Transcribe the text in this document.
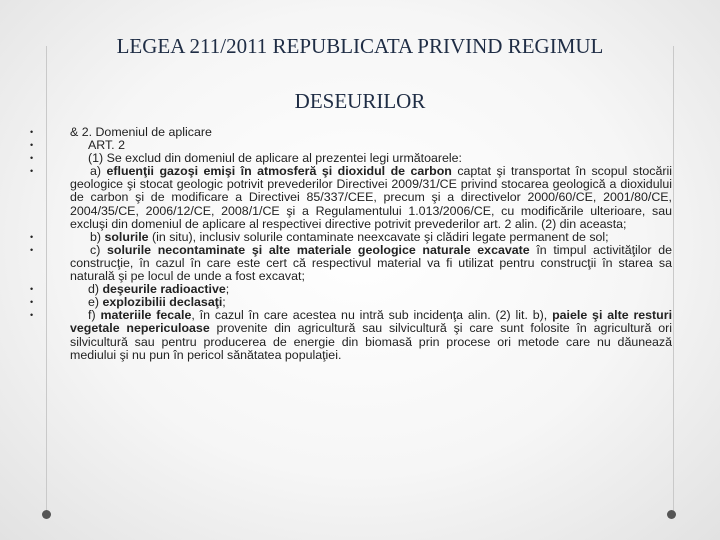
LEGEA 211/2011 REPUBLICATA PRIVIND REGIMUL
DESEURILOR
•	& 2. Domeniul de aplicare
•	ART. 2
•	(1) Se exclud din domeniul de aplicare al prezentei legi următoarele:
•	a) efluenţii gazoşi emişi în atmosferă şi dioxidul de carbon captat şi transportat în scopul stocării geologice şi stocat geologic potrivit prevederilor Directivei 2009/31/CE privind stocarea geologică a dioxidului de carbon şi de modificare a Directivei 85/337/CEE, precum şi a directivelor 2000/60/CE, 2001/80/CE, 2004/35/CE, 2006/12/CE, 2008/1/CE şi a Regulamentului 1.013/2006/CE, cu modificările ulterioare, sau excluşi din domeniul de aplicare al respectivei directive potrivit prevederilor art. 2 alin. (2) din aceasta;
•	b) solurile (in situ), inclusiv solurile contaminate neexcavate şi clădiri legate permanent de sol;
•	c) solurile necontaminate şi alte materiale geologice naturale excavate în timpul activităţilor de construcţie, în cazul în care este cert că respectivul material va fi utilizat pentru construcţii în starea sa naturală şi pe locul de unde a fost excavat;
•	d) deşeurile radioactive;
•	e) explozibilii declasaţi;
•	f) materiile fecale, în cazul în care acestea nu intră sub incidenţa alin. (2) lit. b), paiele şi alte resturi vegetale nepericuloase provenite din agricultură sau silvicultură şi care sunt folosite în agricultură ori silvicultură sau pentru producerea de energie din biomasă prin procese ori metode care nu dăunează mediului şi nu pun în pericol sănătatea populaţiei.
